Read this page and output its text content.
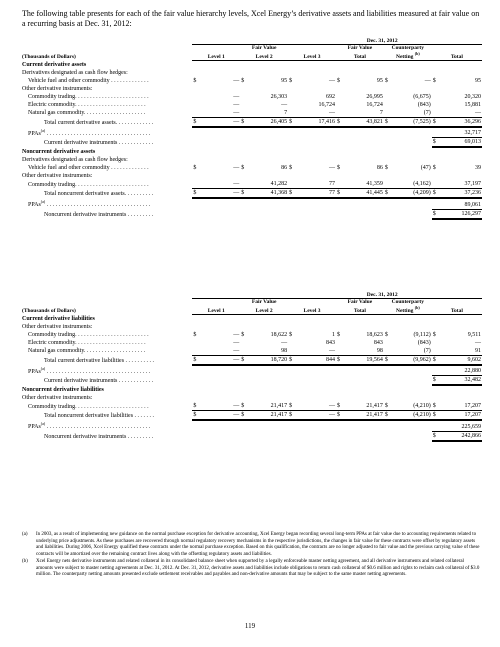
The following table presents for each of the fair value hierarchy levels, Xcel Energy’s derivative assets and liabilities measured at fair value on a recurring basis at Dec. 31, 2012:
	Dec. 31, 2012											
			Fair Value				Fair Value		Counterparty			
(Thousands of Dollars)	Level 1		Level 2		Level 3		Total		Netting $^{(b)}$		Total	
Current derivative assets												
Derivatives designated as cash flow hedges:												
Vehicle fuel and other commodity . . . . . . . . . . . . .	$	—	$	95	$	—	$	95	$	—	$	95
Other derivative instruments:												
Commodity trading. . . . . . . . . . . . . . . . . . . . . . . . .		—		26,303		692		26,995		(6,675)		20,320
Electric commodity. . . . . . . . . . . . . . . . . . . . . . . .		—		—		16,724		16,724		(843)		15,881
Natural gas commodity. . . . . . . . . . . . . . . . . . . . .		—		7		—		7		(7)		—
Total current derivative assets. . . . . . . . . . . . .	$	—	$	26,405	$	17,416	$	43,821	$	(7,525)	$	36,296
PPAs$^{(a)}$ . . . . . . . . . . . . . . . . . . . . . . . . . . . . . . . . . . .												32,717
Current derivative instruments . . . . . . . . . . . .											$	69,013
Noncurrent derivative assets												
Derivatives designated as cash flow hedges:												
Vehicle fuel and other commodity . . . . . . . . . . . . .	$	—	$	86	$	—	$	86	$	(47)	$	39
Other derivative instruments:												
Commodity trading. . . . . . . . . . . . . . . . . . . . . . . . .		—		41,282		77		41,359		(4,162)		37,197
Total noncurrent derivative assets. . . . . . . . . .	$	—	$	41,368	$	77	$	41,445	$	(4,209)	$	37,236
PPAs$^{(a)}$ . . . . . . . . . . . . . . . . . . . . . . . . . . . . . . . . . . .												89,061
Noncurrent derivative instruments . . . . . . . . .											$	126,297
	Dec. 31, 2012											
			Fair Value				Fair Value		Counterparty			
(Thousands of Dollars)	Level 1		Level 2		Level 3		Total		Netting $^{(b)}$		Total	
Current derivative liabilities												
Other derivative instruments:												
Commodity trading. . . . . . . . . . . . . . . . . . . . . . . . .	$	—	$	18,622	$	1	$	18,623	$	(9,112)	$	9,511
Electric commodity. . . . . . . . . . . . . . . . . . . . . . . .		—		—		843		843		(843)		—
Natural gas commodity. . . . . . . . . . . . . . . . . . . . .		—		98		—		98		(7)		91
Total current derivative liabilities . . . . . . . . . .	$	—	$	18,720	$	844	$	19,564	$	(9,962)	$	9,602
PPAs$^{(a)}$ . . . . . . . . . . . . . . . . . . . . . . . . . . . . . . . . . . .												22,880
Current derivative instruments . . . . . . . . . . . .											$	32,482
Noncurrent derivative liabilities												
Other derivative instruments:												
Commodity trading. . . . . . . . . . . . . . . . . . . . . . . . .	$	—	$	21,417	$	—	$	21,417	$	(4,210)	$	17,207
Total noncurrent derivative liabilities . . . . . . .	$	—	$	21,417	$	—	$	21,417	$	(4,210)	$	17,207
PPAs$^{(a)}$ . . . . . . . . . . . . . . . . . . . . . . . . . . . . . . . . . . .												225,659
Noncurrent derivative instruments . . . . . . . . .											$	242,866
(a)	In 2003, as a result of implementing new guidance on the normal purchase exception for derivative accounting, Xcel Energy began recording several long-term PPAs at fair value due to accounting requirements related to underlying price adjustments. As these purchases are recovered through normal regulatory recovery mechanisms in the respective jurisdictions, the changes in fair value for these contracts were offset by regulatory assets and liabilities. During 2006, Xcel Energy qualified these contracts under the normal purchase exception. Based on this qualification, the contracts are no longer adjusted to fair value and the previous carrying value of these contracts will be amortized over the remaining contract lives along with the offsetting regulatory assets and liabilities.
(b)	Xcel Energy nets derivative instruments and related collateral in its consolidated balance sheet when supported by a legally enforceable master netting agreement, and all derivative instruments and related collateral amounts were subject to master netting agreements at Dec. 31, 2012. At Dec. 31, 2012, derivative assets and liabilities include obligations to return cash collateral of $0.6 million and rights to reclaim cash collateral of $3.0 million. The counterparty netting amounts presented exclude settlement receivables and payables and non-derivative amounts that may be subject to the same master netting agreements.
119
